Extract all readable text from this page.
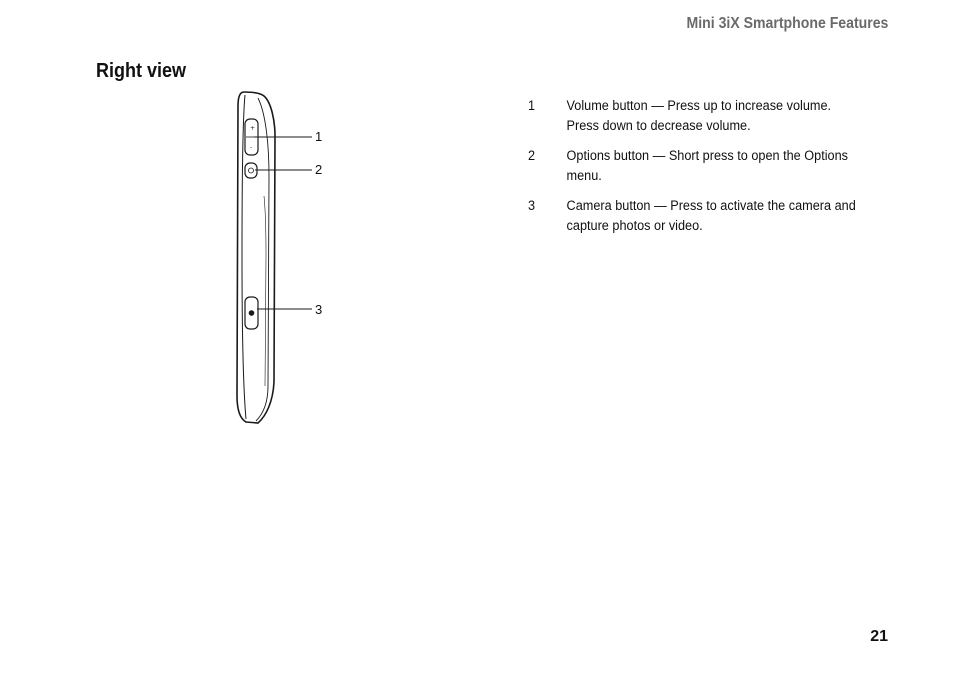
Mini 3iX Smartphone Features
Right view
+
-
1
2
3
1 Volume button — Press up to increase volume. Press down to decrease volume.
2 Options button — Short press to open the Options menu.
3 Camera button — Press to activate the camera and capture photos or video.
21
